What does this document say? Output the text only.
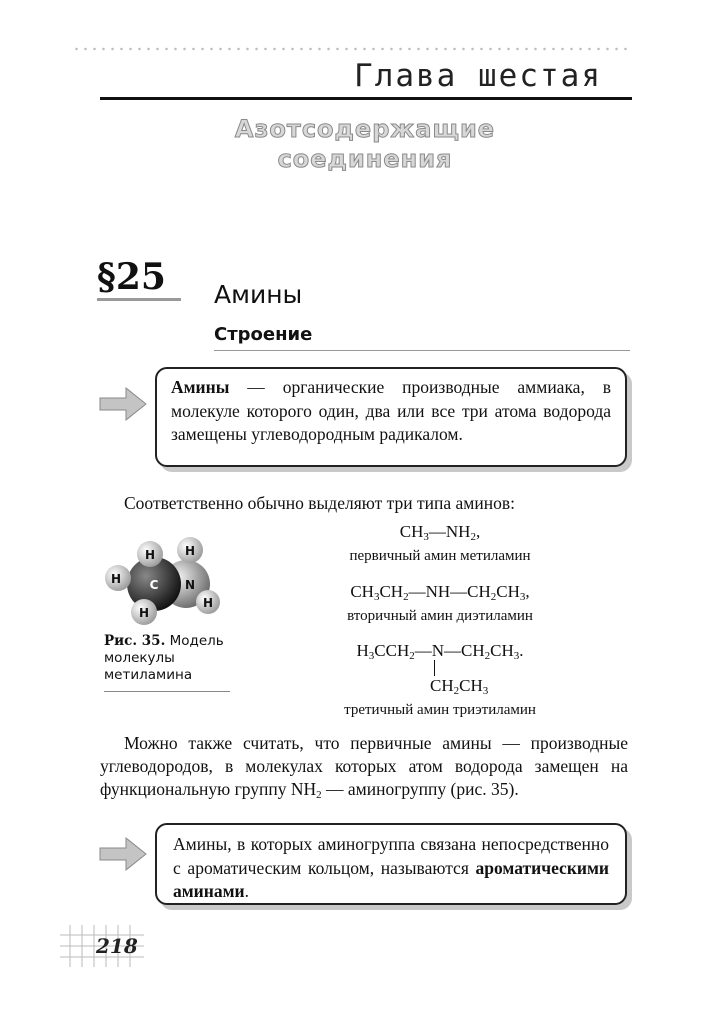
Глава шестая
Азотсодержащие
соединения
§25 Амины
Строение
Амины — органические производные аммиака, в молекуле которого один, два или все три атома водорода замещены углеводородным радикалом.
Соответственно обычно выделяют три типа аминов:
H
H
H
C N
H
H
Рис. 35. Модель молекулы метиламина
$CH_3—NH_2$,
первичный амин метиламин
$CH_3CH_2—NH—CH_2CH_3$,
вторичный амин диэтиламин
$H_3CCH_2—N—CH_2CH_3$.
$CH_2CH_3$
третичный амин триэтиламин
Можно также считать, что первичные амины — производные углеводородов, в молекулах которых атом водорода замещен на функциональную группу $NH_2$ — аминогруппу (рис. 35).
Амины, в которых аминогруппа связана непосредственно с ароматическим кольцом, называются ароматическими аминами.
218
